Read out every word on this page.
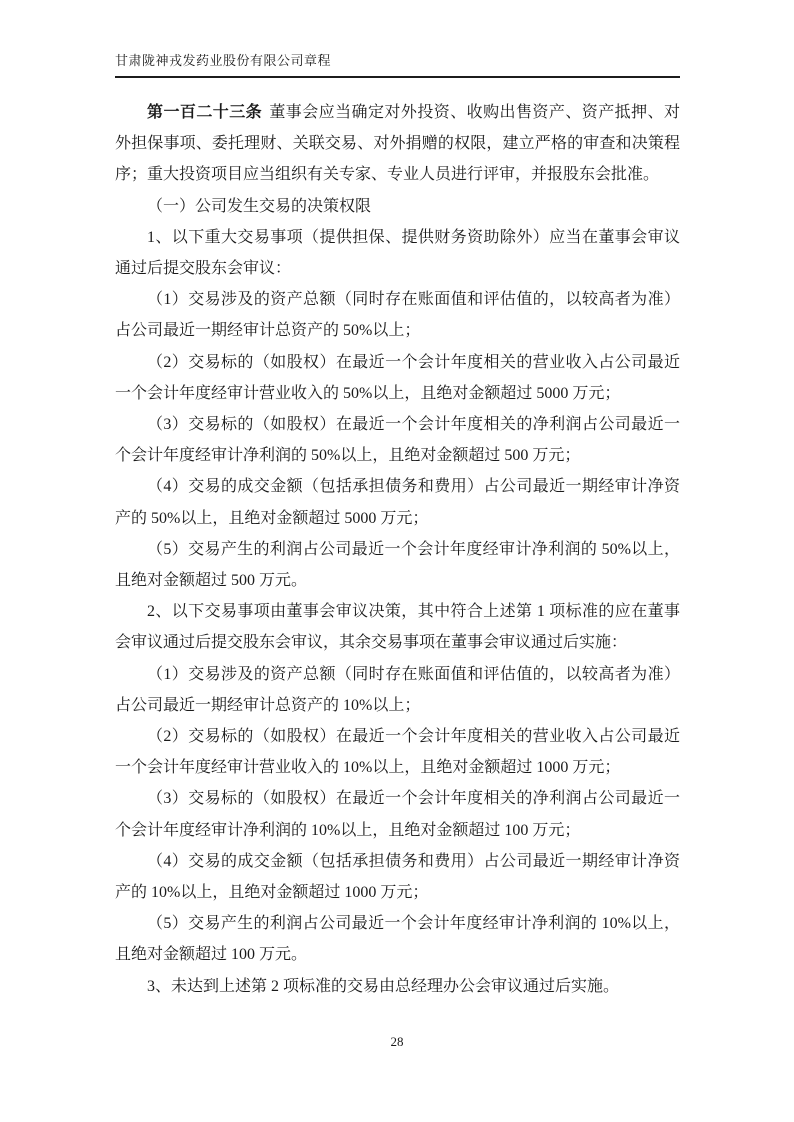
甘肃陇神戎发药业股份有限公司章程

第一百二十三条 董事会应当确定对外投资、收购出售资产、资产抵押、对外担保事项、委托理财、关联交易、对外捐赠的权限，建立严格的审查和决策程序；重大投资项目应当组织有关专家、专业人员进行评审，并报股东会批准。

（一）公司发生交易的决策权限

1、以下重大交易事项（提供担保、提供财务资助除外）应当在董事会审议通过后提交股东会审议：

（1）交易涉及的资产总额（同时存在账面值和评估值的，以较高者为准）占公司最近一期经审计总资产的 50%以上；

（2）交易标的（如股权）在最近一个会计年度相关的营业收入占公司最近一个会计年度经审计营业收入的 50%以上，且绝对金额超过 5000 万元；

（3）交易标的（如股权）在最近一个会计年度相关的净利润占公司最近一个会计年度经审计净利润的 50%以上，且绝对金额超过 500 万元；

（4）交易的成交金额（包括承担债务和费用）占公司最近一期经审计净资产的 50%以上，且绝对金额超过 5000 万元；

（5）交易产生的利润占公司最近一个会计年度经审计净利润的 50%以上，且绝对金额超过 500 万元。

2、以下交易事项由董事会审议决策，其中符合上述第 1 项标准的应在董事会审议通过后提交股东会审议，其余交易事项在董事会审议通过后实施：

（1）交易涉及的资产总额（同时存在账面值和评估值的，以较高者为准）占公司最近一期经审计总资产的 10%以上；

（2）交易标的（如股权）在最近一个会计年度相关的营业收入占公司最近一个会计年度经审计营业收入的 10%以上，且绝对金额超过 1000 万元；

（3）交易标的（如股权）在最近一个会计年度相关的净利润占公司最近一个会计年度经审计净利润的 10%以上，且绝对金额超过 100 万元；

（4）交易的成交金额（包括承担债务和费用）占公司最近一期经审计净资产的 10%以上，且绝对金额超过 1000 万元；

（5）交易产生的利润占公司最近一个会计年度经审计净利润的 10%以上，且绝对金额超过 100 万元。

3、未达到上述第 2 项标准的交易由总经理办公会审议通过后实施。

28
